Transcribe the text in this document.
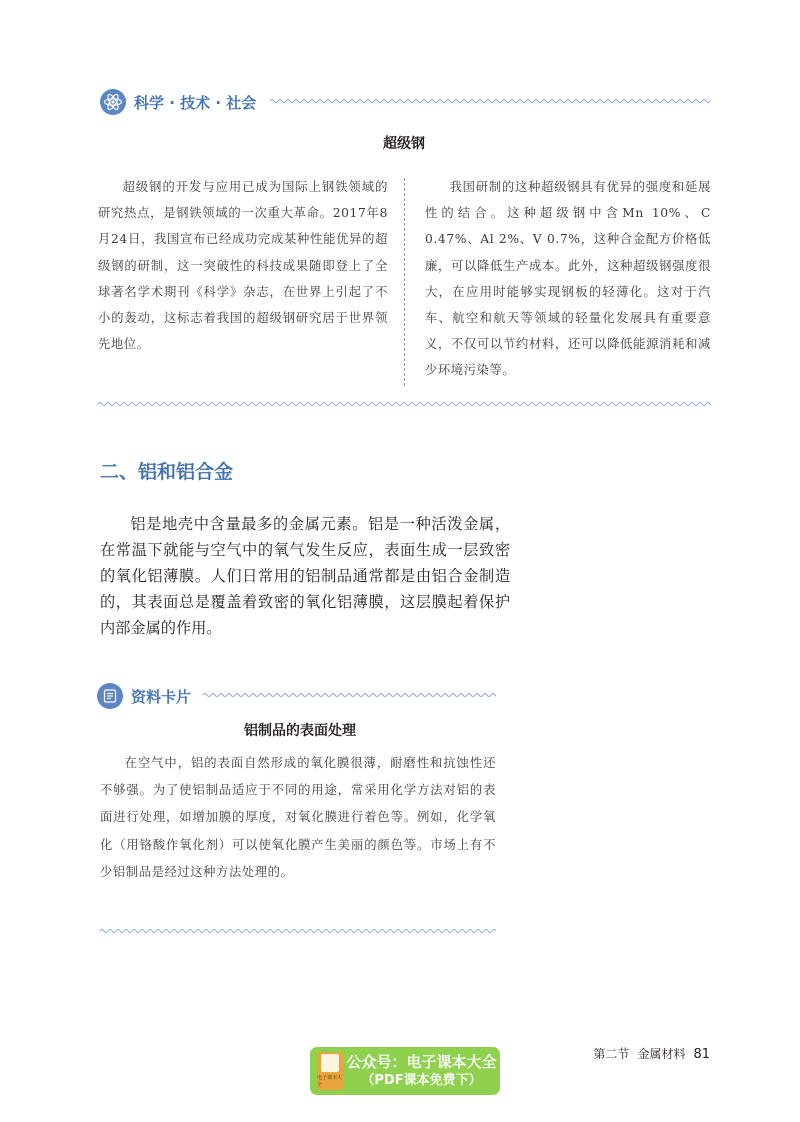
科学 · 技术 · 社会
超级钢
超级钢的开发与应用已成为国际上钢铁领域的研究热点，是钢铁领域的一次重大革命。2017年8月24日，我国宣布已经成功完成某种性能优异的超级钢的研制，这一突破性的科技成果随即登上了全球著名学术期刊《科学》杂志，在世界上引起了不小的轰动，这标志着我国的超级钢研究居于世界领先地位。
我国研制的这种超级钢具有优异的强度和延展性的结合。这种超级钢中含Mn 10%、C 0.47%、Al 2%、V 0.7%，这种合金配方价格低廉，可以降低生产成本。此外，这种超级钢强度很大，在应用时能够实现钢板的轻薄化。这对于汽车、航空和航天等领域的轻量化发展具有重要意义，不仅可以节约材料，还可以降低能源消耗和减少环境污染等。
二、铝和铝合金
铝是地壳中含量最多的金属元素。铝是一种活泼金属，在常温下就能与空气中的氧气发生反应，表面生成一层致密的氧化铝薄膜。人们日常用的铝制品通常都是由铝合金制造的，其表面总是覆盖着致密的氧化铝薄膜，这层膜起着保护内部金属的作用。
资料卡片
铝制品的表面处理
在空气中，铝的表面自然形成的氧化膜很薄，耐磨性和抗蚀性还不够强。为了使铝制品适应于不同的用途，常采用化学方法对铝的表面进行处理，如增加膜的厚度，对氧化膜进行着色等。例如，化学氧化（用铬酸作氧化剂）可以使氧化膜产生美丽的颜色等。市场上有不少铝制品是经过这种方法处理的。
第二节 金属材料 81
电子课本大全
公众号：电子课本大全
（PDF课本免费下）
